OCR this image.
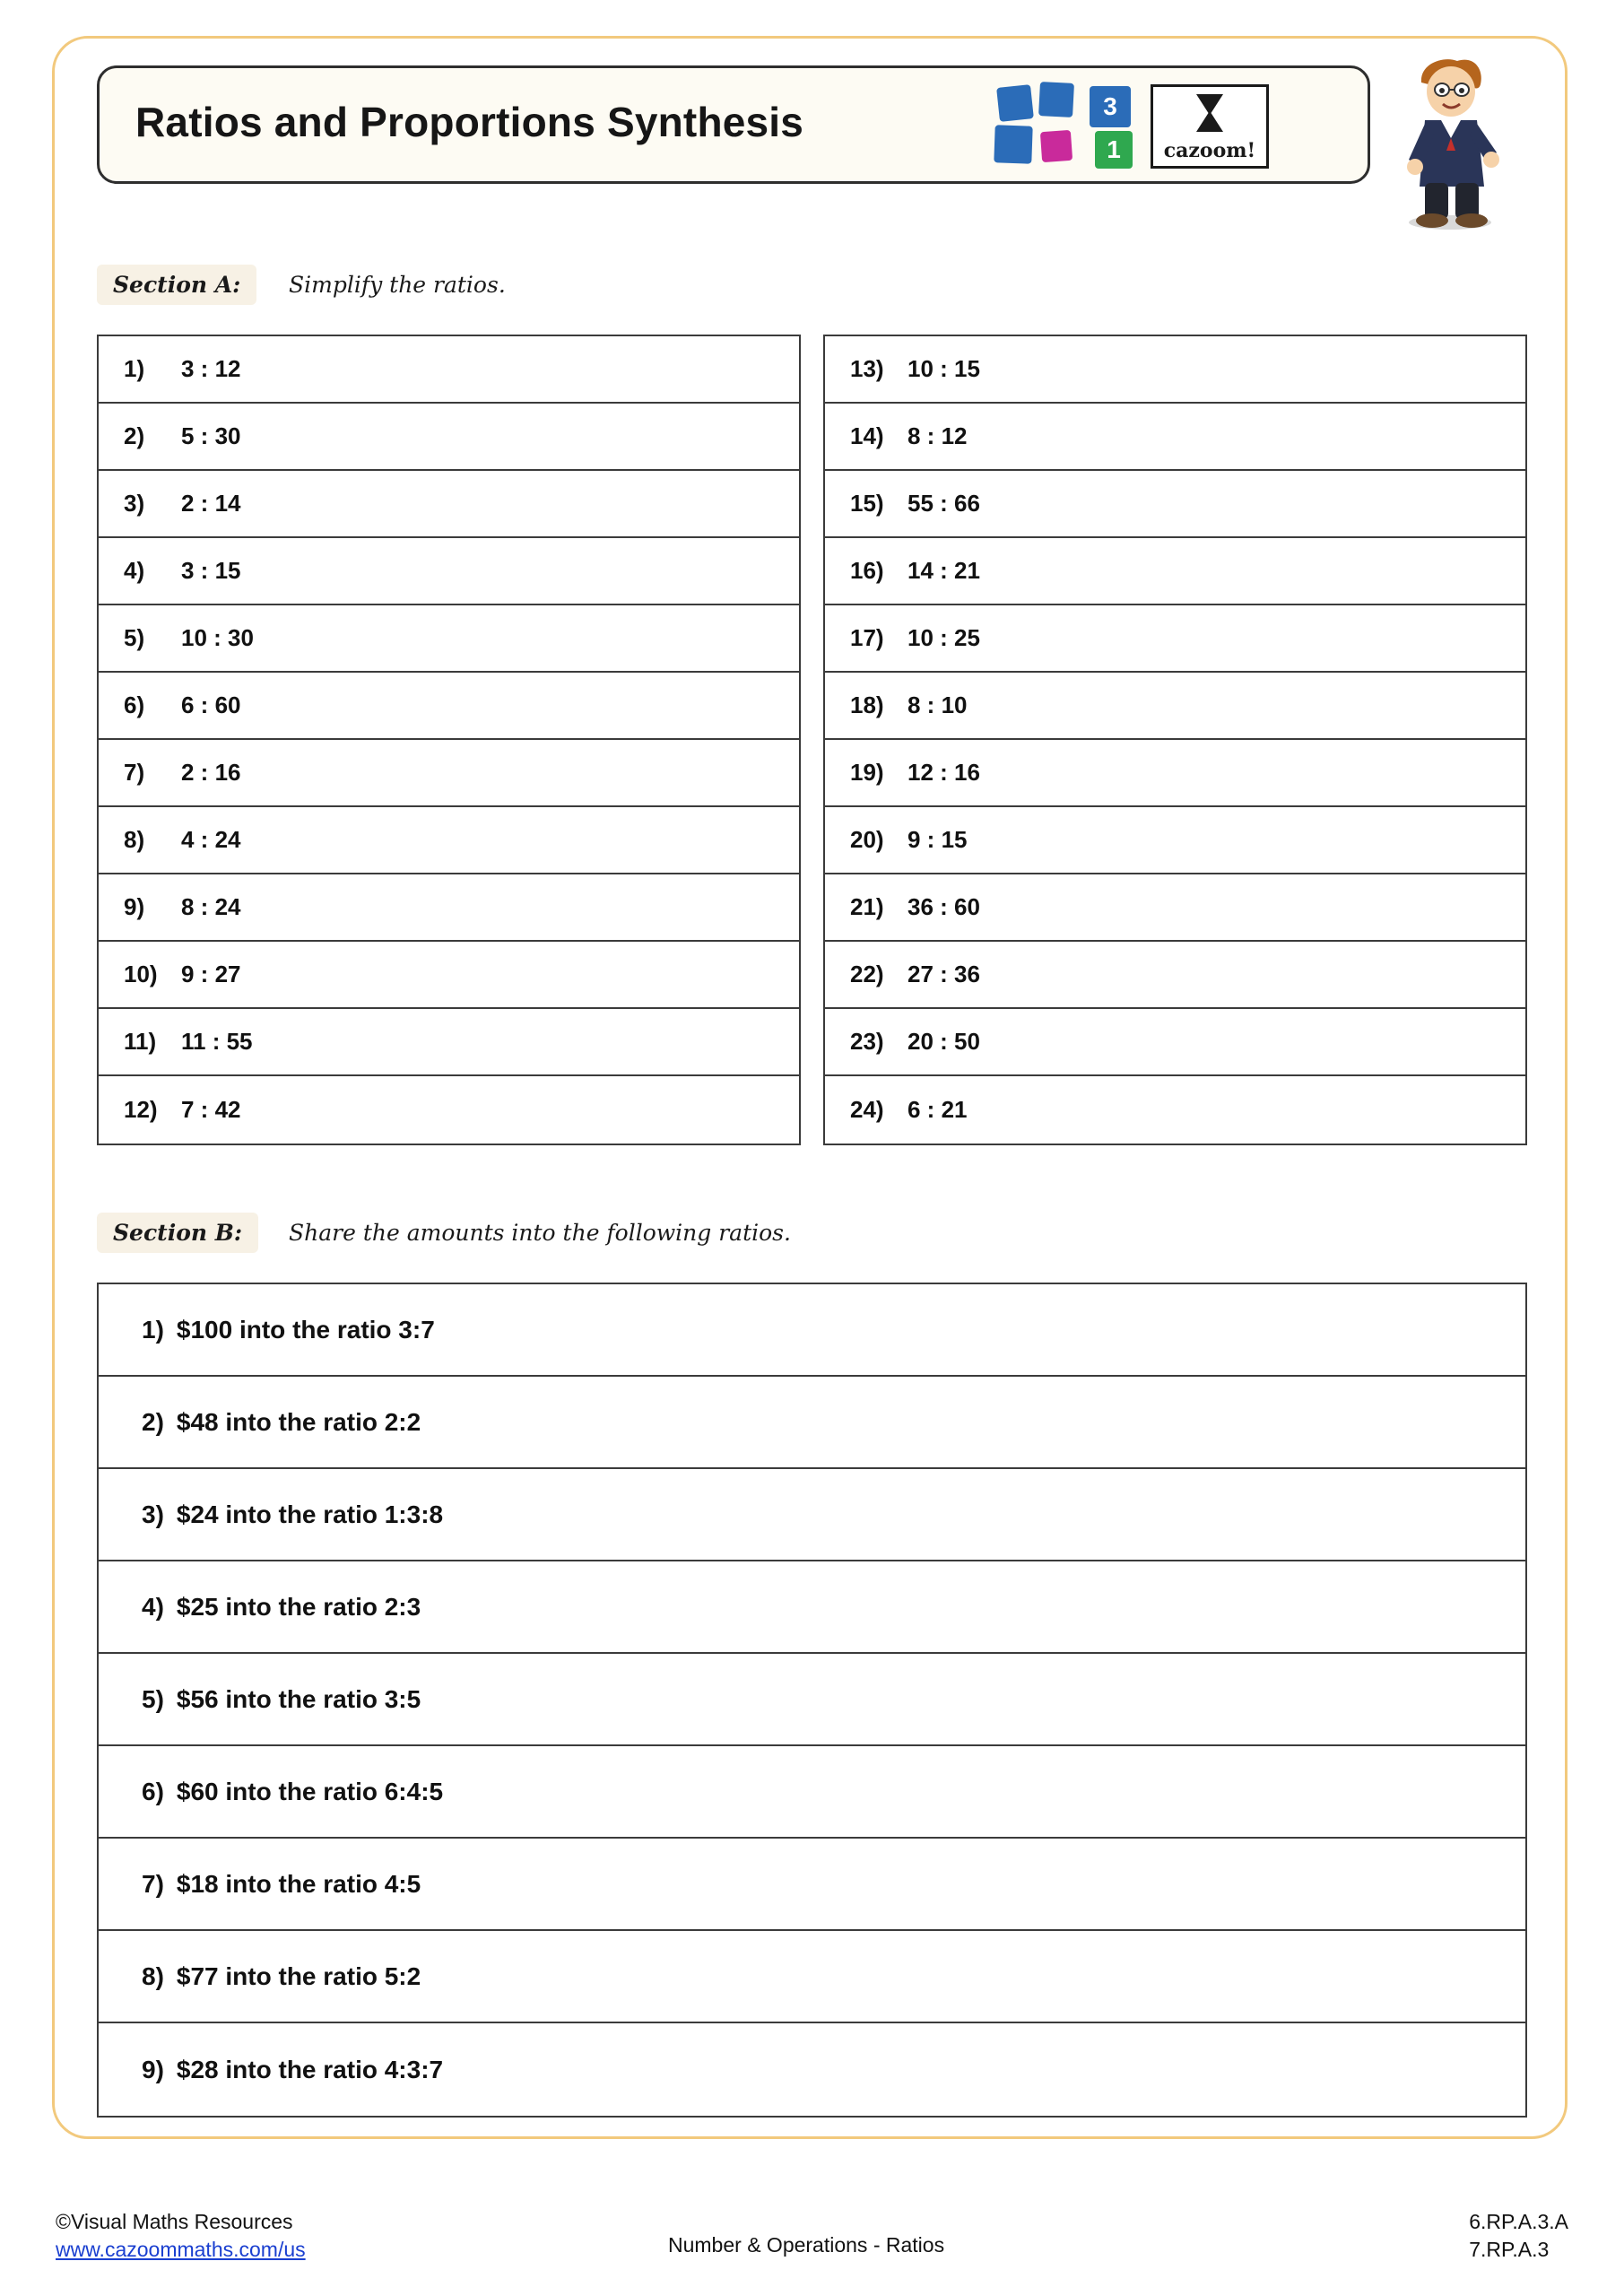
Ratios and Proportions Synthesis	3
1	cazoom!
Section A:	Simplify the ratios.
1)	3 : 12
2)	5 : 30
3)	2 : 14
4)	3 : 15
5)	10 : 30
6)	6 : 60
7)	2 : 16
8)	4 : 24
9)	8 : 24
10)	9 : 27
11)	11 : 55
12)	7 : 42
13)	10 : 15
14)	8 : 12
15)	55 : 66
16)	14 : 21
17)	10 : 25
18)	8 : 10
19)	12 : 16
20)	9 : 15
21)	36 : 60
22)	27 : 36
23)	20 : 50
24)	6 : 21
Section B:	Share the amounts into the following ratios.
1) $100 into the ratio 3:7
2) $48 into the ratio 2:2
3) $24 into the ratio 1:3:8
4) $25 into the ratio 2:3
5) $56 into the ratio 3:5
6) $60 into the ratio 6:4:5
7) $18 into the ratio 4:5
8) $77 into the ratio 5:2
9) $28 into the ratio 4:3:7
©Visual Maths Resources
www.cazoommaths.com/us	Number & Operations - Ratios
6.RP.A.3.A
7.RP.A.3
